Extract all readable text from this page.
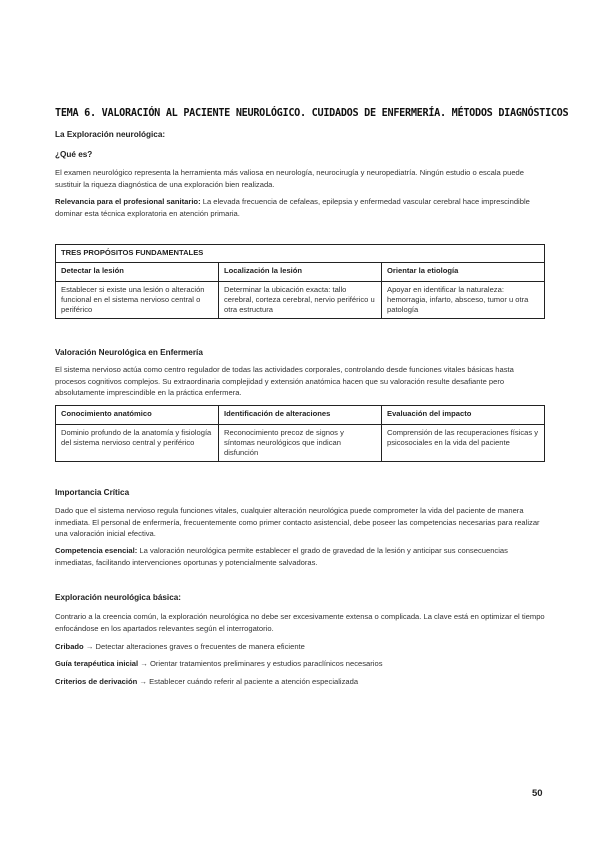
TEMA 6. VALORACIÓN AL PACIENTE NEUROLÓGICO. CUIDADOS DE ENFERMERÍA. MÉTODOS DIAGNÓSTICOS

La Exploración neurológica:

¿Qué es?

El examen neurológico representa la herramienta más valiosa en neurología, neurocirugía y neuropediatría. Ningún estudio o escala puede sustituir la riqueza diagnóstica de una exploración bien realizada.

Relevancia para el profesional sanitario: La elevada frecuencia de cefaleas, epilepsia y enfermedad vascular cerebral hace imprescindible dominar esta técnica exploratoria en atención primaria.

TRES PROPÓSITOS FUNDAMENTALES		
Detectar la lesión	Localización la lesión	Orientar la etiología
Establecer si existe una lesión o alteración funcional en el sistema nervioso central o periférico	Determinar la ubicación exacta: tallo cerebral, corteza cerebral, nervio periférico u otra estructura	Apoyar en identificar la naturaleza: hemorragia, infarto, absceso, tumor u otra patología

Valoración Neurológica en Enfermería

El sistema nervioso actúa como centro regulador de todas las actividades corporales, controlando desde funciones vitales básicas hasta procesos cognitivos complejos. Su extraordinaria complejidad y extensión anatómica hacen que su valoración resulte desafiante pero absolutamente imprescindible en la práctica enfermera.

Conocimiento anatómico	Identificación de alteraciones	Evaluación del impacto
Dominio profundo de la anatomía y fisiología del sistema nervioso central y periférico	Reconocimiento precoz de signos y síntomas neurológicos que indican disfunción	Comprensión de las recuperaciones físicas y psicosociales en la vida del paciente

Importancia Crítica

Dado que el sistema nervioso regula funciones vitales, cualquier alteración neurológica puede comprometer la vida del paciente de manera inmediata. El personal de enfermería, frecuentemente como primer contacto asistencial, debe poseer las competencias necesarias para realizar una valoración inicial efectiva.

Competencia esencial: La valoración neurológica permite establecer el grado de gravedad de la lesión y anticipar sus consecuencias inmediatas, facilitando intervenciones oportunas y potencialmente salvadoras.

Exploración neurológica básica:

Contrario a la creencia común, la exploración neurológica no debe ser excesivamente extensa o complicada. La clave está en optimizar el tiempo enfocándose en los apartados relevantes según el interrogatorio.

Cribado → Detectar alteraciones graves o frecuentes de manera eficiente

Guía terapéutica inicial → Orientar tratamientos preliminares y estudios paraclínicos necesarios

Criterios de derivación → Establecer cuándo referir al paciente a atención especializada

50
